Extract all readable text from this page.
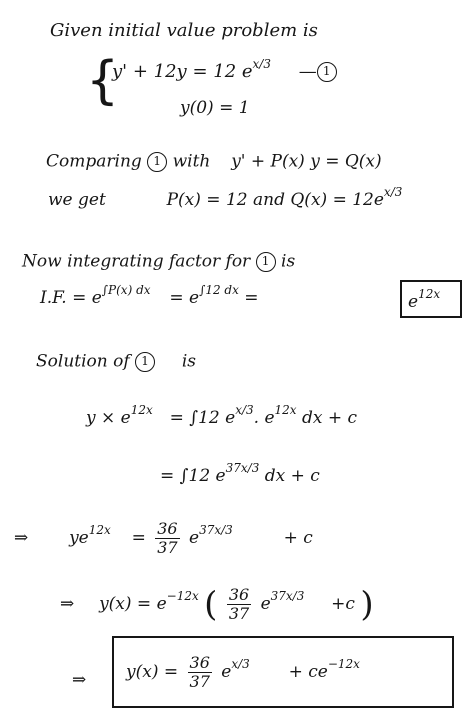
Given initial value problem is
{
y' + 12y = 12 $e^{x/3}$ — 1
y(0) = 1
Comparing 1 with y' + P(x) y = Q(x)
we get	P(x) = 12 and $Q(x) = 12e^{x/3}$
Now integrating factor for 1 is
I.F. = $e^{\int P(x) dx} = e^{\int 12 dx}$ =	$e^{12x}$
Solution of 1 is
$y \times e^{12x} = \int 12$ $e^{x/3}$. $e^{12x}$ dx + c
= ∫12 $e^{37x/3}$ dx + c
⇒ $ye^{12x} = \frac{36}{37} e^{37x/3}$	+ c
⇒ $y(x) = e^{-12x}$ ( $\frac{36}{37} e^{37x/3} +c$ )
⇒ $y(x) = \frac{36}{37} e^{x/3} + ce^{-12x}$
